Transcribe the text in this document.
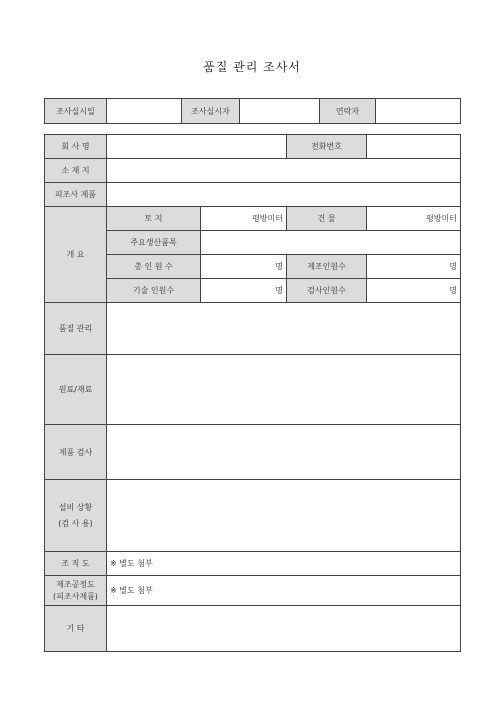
품질 관리 조사서
조사실시일		조사실시자		연락자	
회 사 명			전화번호	
소 재 지				
피조사 제품				
개 요	토 지	평방미터	건 물	평방미터
	주요생산품목			
	총 인 원 수	명	제조인원수	명
	기술 인원수	명	검사인원수	명
품질 관리				
원료/재료				
제품 검사				

설비 상황
(검 사 용)				

조 직 도	※ 별도 첨부			

제조공정도
(피조사제품)	※ 별도 첨부			
기 타				
